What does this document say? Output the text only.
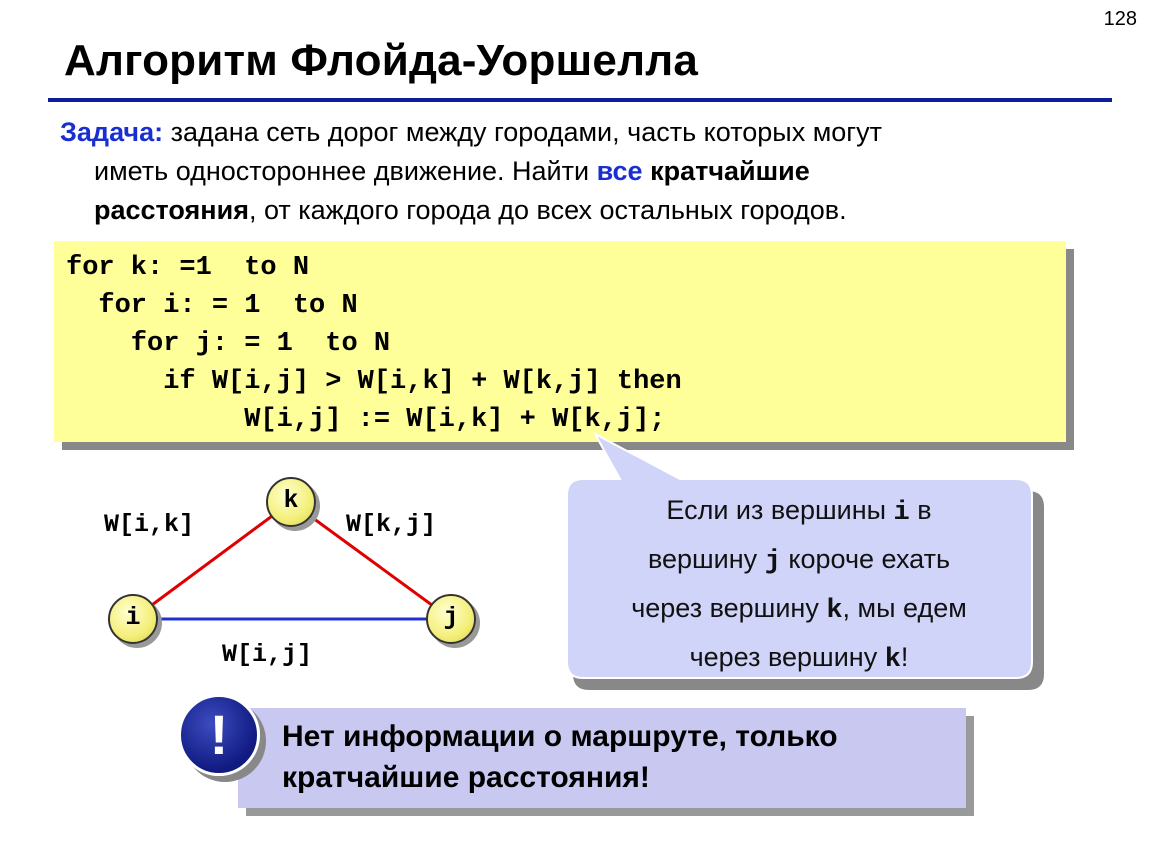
128
Алгоритм Флойда-Уоршелла

Задача: задана сеть дорог между городами, часть которых могут

иметь одностороннее движение. Найти все кратчайшие

расстояния, от каждого города до всех остальных городов.

for k: =1  to N
for i: = 1  to N
for j: = 1  to N
if W[i,j] > W[i,k] + W[k,j] then
W[i,j] := W[i,k] + W[k,j];
W[i,k]	W[k,j]
W[i,j]
k
i	j
Если из вершины i в
вершину j короче ехать
через вершину k, мы едем
через вершину k!
Нет информации о маршруте, только
кратчайшие расстояния!
!
